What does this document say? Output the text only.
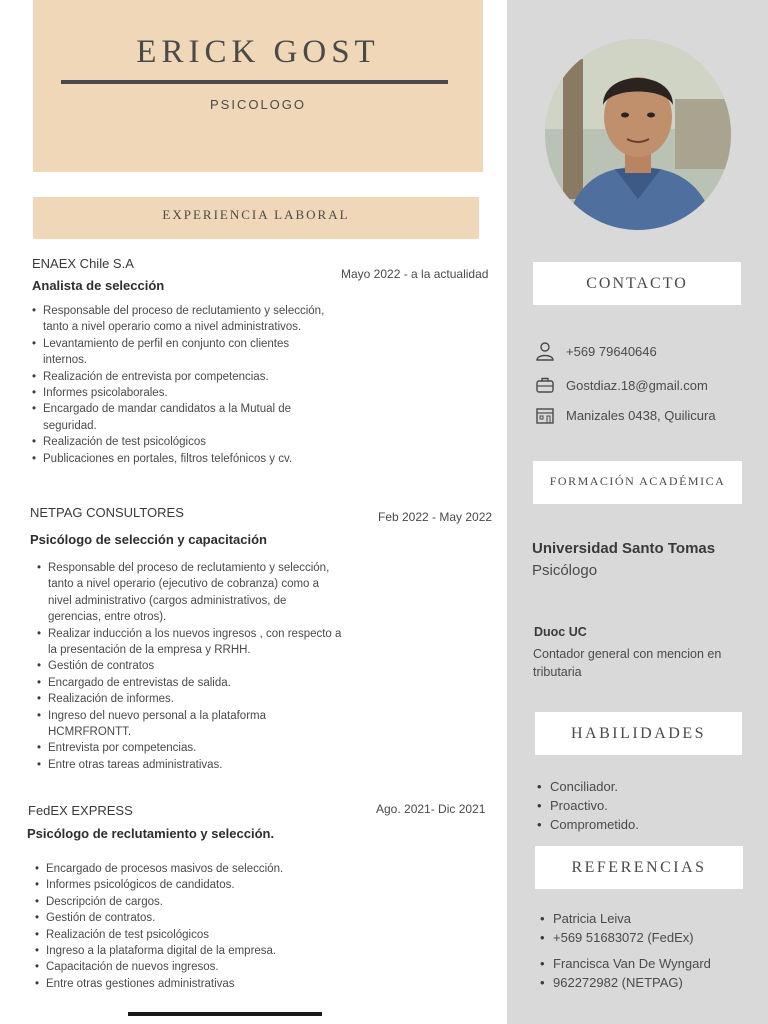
ERICK GOST
PSICOLOGO
EXPERIENCIA LABORAL
ENAEX Chile S.A
Mayo 2022 - a la actualidad
Analista de selección
• Responsable del proceso de reclutamiento y selección,
tanto a nivel operario como a nivel administrativos.
• Levantamiento de perfil en conjunto con clientes
internos.
• Realización de entrevista por competencias.
• Informes psicolaborales.
• Encargado de mandar candidatos a la Mutual de
seguridad.
• Realización de test psicológicos
• Publicaciones en portales, filtros telefónicos y cv.
NETPAG CONSULTORES	Feb 2022 - May 2022
Psicólogo de selección y capacitación
• Responsable del proceso de reclutamiento y selección,
tanto a nivel operario (ejecutivo de cobranza) como a
nivel administrativo (cargos administrativos, de
gerencias, entre otros).
• Realizar inducción a los nuevos ingresos , con respecto a
la presentación de la empresa y RRHH.
• Gestión de contratos
• Encargado de entrevistas de salida.
• Realización de informes.
• Ingreso del nuevo personal a la plataforma
HCMRFRONTT.
• Entrevista por competencias.
• Entre otras tareas administrativas.
FedEX EXPRESS	Ago. 2021- Dic 2021
Psicólogo de reclutamiento y selección.
• Encargado de procesos masivos de selección.
• Informes psicológicos de candidatos.
• Descripción de cargos.
• Gestión de contratos.
• Realización de test psicológicos
• Ingreso a la plataforma digital de la empresa.
• Capacitación de nuevos ingresos.
• Entre otras gestiones administrativas
CONTACTO
+569 79640646
Gostdiaz.18@gmail.com
Manizales 0438, Quilicura
FORMACIÓN ACADÉMICA
Universidad Santo Tomas
Psicólogo
Duoc UC
Contador general con mencion en tributaria
HABILIDADES
• Conciliador.
• Proactivo.
• Comprometido.
REFERENCIAS
• Patricia Leiva
• +569 51683072 (FedEx)
• Francisca Van De Wyngard
• 962272982 (NETPAG)
